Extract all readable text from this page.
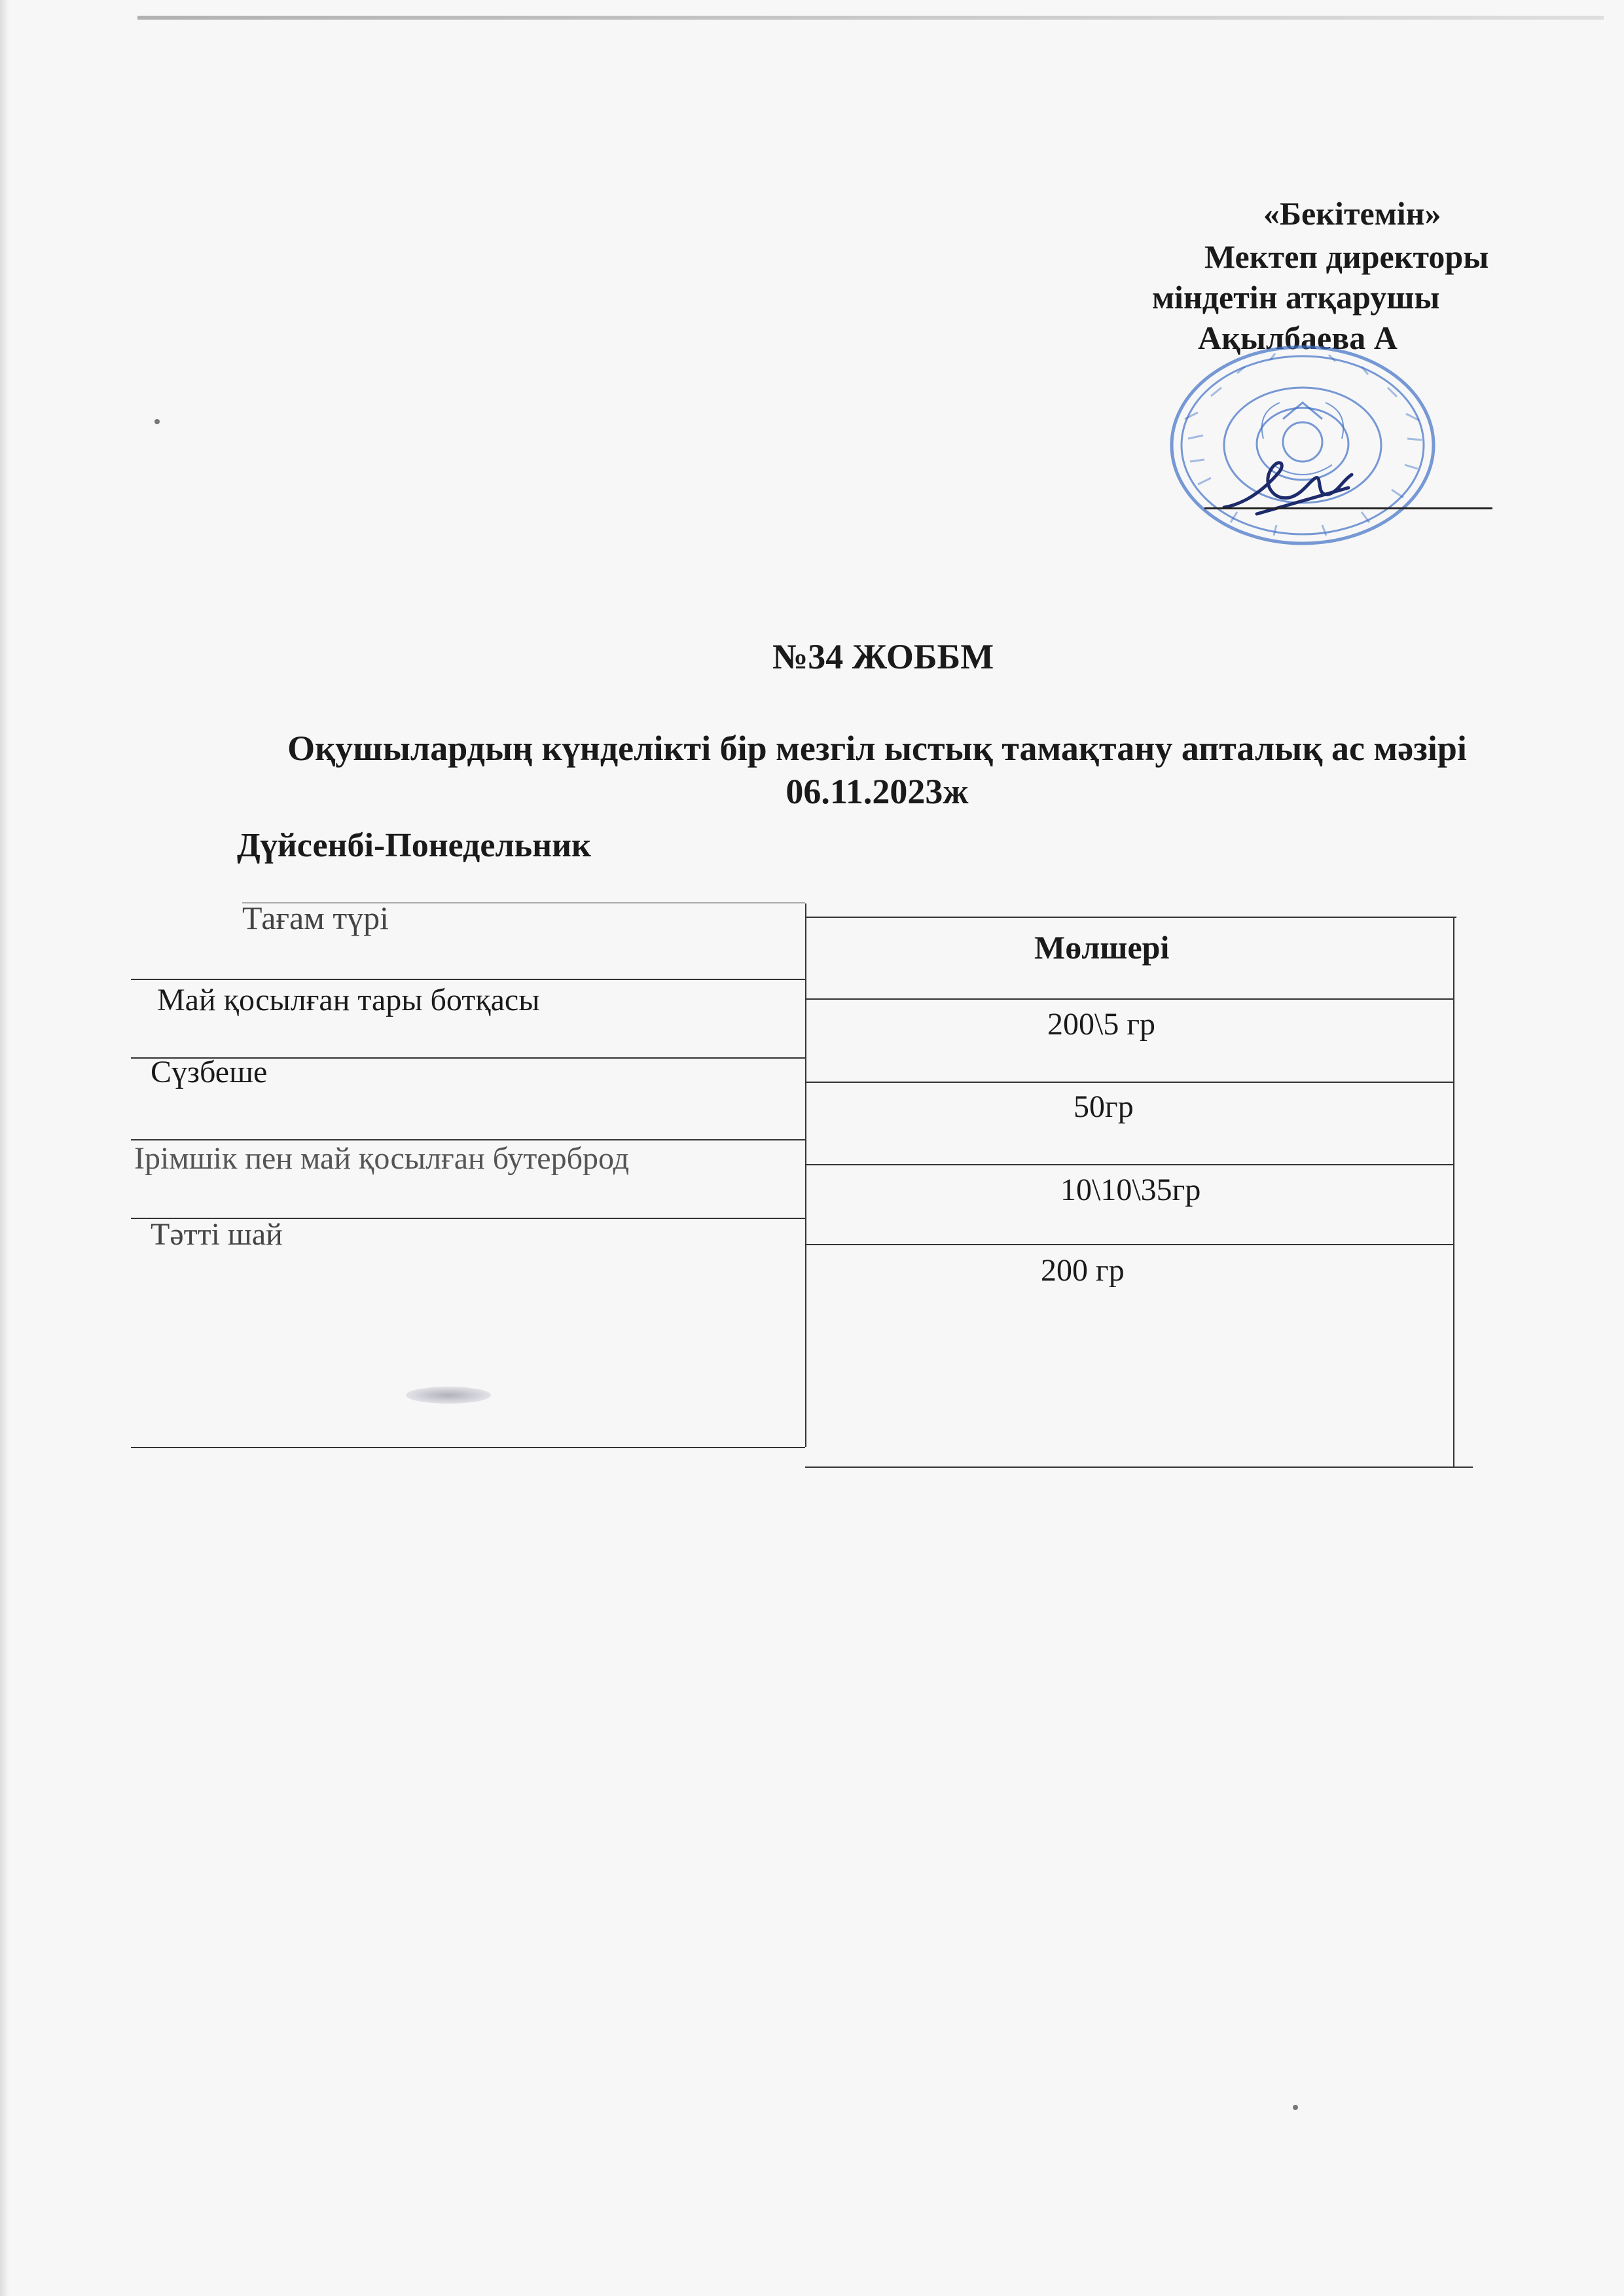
«Бекітемін»
Мектеп директоры
міндетін атқарушы
Ақылбаева А
№34 ЖОББМ
Оқушылардың күнделікті бір мезгіл ыстық тамақтану апталық ас мәзірі
06.11.2023ж
Дүйсенбі-Понедельник
Тағам түрі
Мөлшері
Май қосылған тары ботқасы
200\5 гр
Сүзбеше
50гр
Ірімшік пен май қосылған бутерброд
10\10\35гр
Тәтті шай
200 гр
